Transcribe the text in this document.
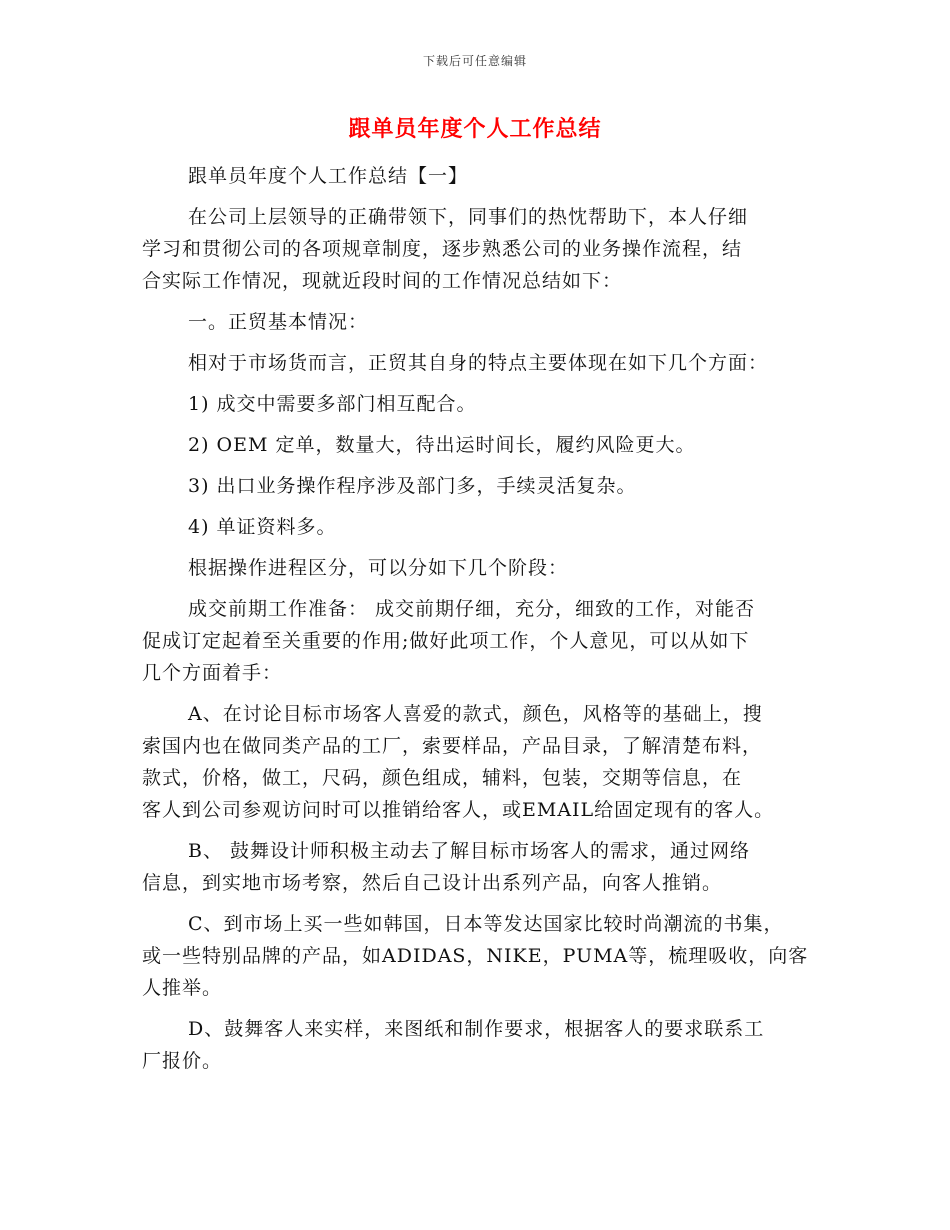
下载后可任意编辑
跟单员年度个人工作总结
跟单员年度个人工作总结【一】
在公司上层领导的正确带领下，同事们的热忱帮助下，本人仔细
学习和贯彻公司的各项规章制度，逐步熟悉公司的业务操作流程，结
合实际工作情况，现就近段时间的工作情况总结如下：
一。正贸基本情况：
相对于市场货而言，正贸其自身的特点主要体现在如下几个方面：
1) 成交中需要多部门相互配合。
2) OEM 定单，数量大，待出运时间长，履约风险更大。
3) 出口业务操作程序涉及部门多，手续灵活复杂。
4) 单证资料多。
根据操作进程区分，可以分如下几个阶段：
成交前期工作准备： 成交前期仔细，充分，细致的工作，对能否
促成订定起着至关重要的作用;做好此项工作，个人意见，可以从如下
几个方面着手：
A、在讨论目标市场客人喜爱的款式，颜色，风格等的基础上，搜
索国内也在做同类产品的工厂，索要样品，产品目录，了解清楚布料，
款式，价格，做工，尺码，颜色组成，辅料，包装，交期等信息，在
客人到公司参观访问时可以推销给客人，或EMAIL给固定现有的客人。
B、 鼓舞设计师积极主动去了解目标市场客人的需求，通过网络
信息，到实地市场考察，然后自己设计出系列产品，向客人推销。
C、到市场上买一些如韩国，日本等发达国家比较时尚潮流的书集，
或一些特别品牌的产品，如ADIDAS，NIKE，PUMA等，梳理吸收，向客
人推举。
D、鼓舞客人来实样，来图纸和制作要求，根据客人的要求联系工
厂报价。
